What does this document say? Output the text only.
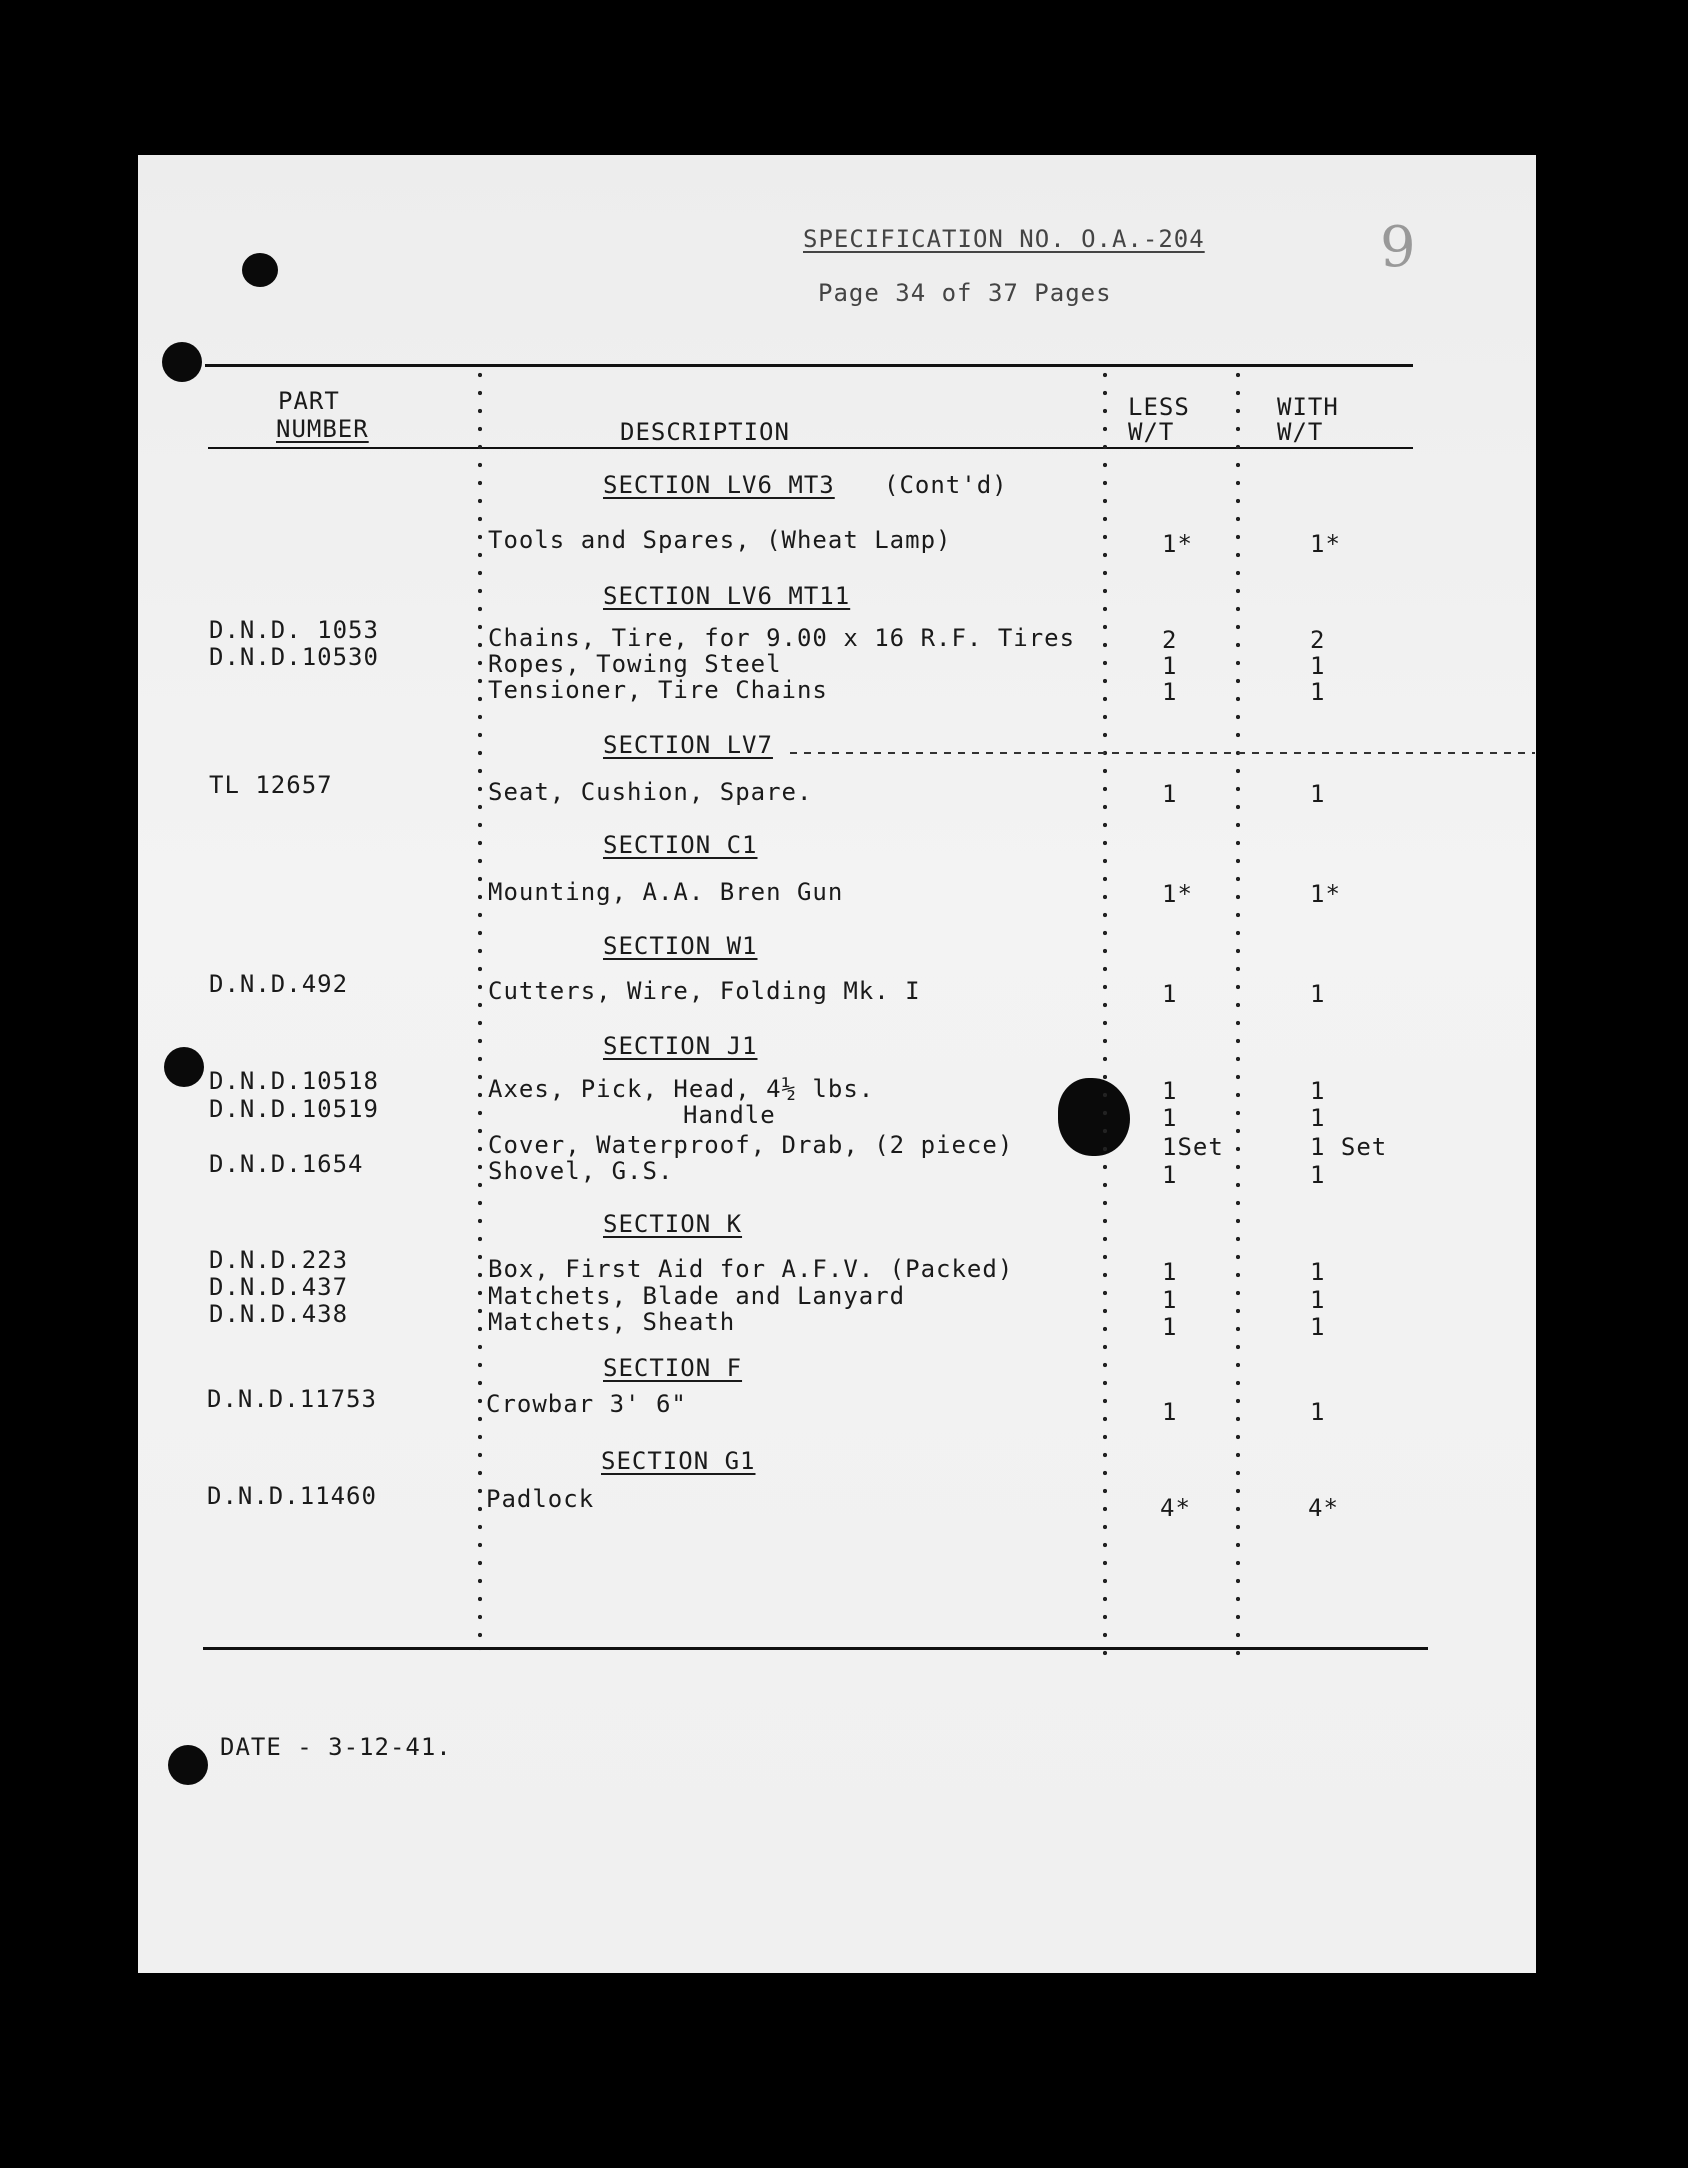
SPECIFICATION NO. O.A.-204
Page 34 of 37 Pages
9
PART
NUMBER	DESCRIPTION
LESS
W/T
WITH
W/T
SECTION LV6 MT3 (Cont'd)
SECTION LV6 MT11
SECTION LV7
SECTION C1
SECTION W1
SECTION J1
SECTION K
SECTION F
SECTION G1
D.N.D. 1053
D.N.D.10530
TL 12657
D.N.D.492
D.N.D.10518
D.N.D.10519
D.N.D.1654
D.N.D.223
D.N.D.437
D.N.D.438
D.N.D.11753
D.N.D.11460
Tools and Spares, (Wheat Lamp)
Chains, Tire, for 9.00 x 16 R.F. Tires
Ropes, Towing Steel
Tensioner, Tire Chains
Seat, Cushion, Spare.
Mounting, A.A. Bren Gun
Cutters, Wire, Folding Mk. I
Axes, Pick, Head, 4½ lbs.
Handle
Cover, Waterproof, Drab, (2 piece)
Shovel, G.S.
Box, First Aid for A.F.V. (Packed)
Matchets, Blade and Lanyard
Matchets, Sheath
Crowbar 3' 6"
Padlock
1*
2
1
1
1
1*
1
1
1
1Set
1
1
1
1
1
4*
1*
2
1
1
1
1*
1
1
1
1 Set
1
1
1
1
1
4*
DATE - 3-12-41.
